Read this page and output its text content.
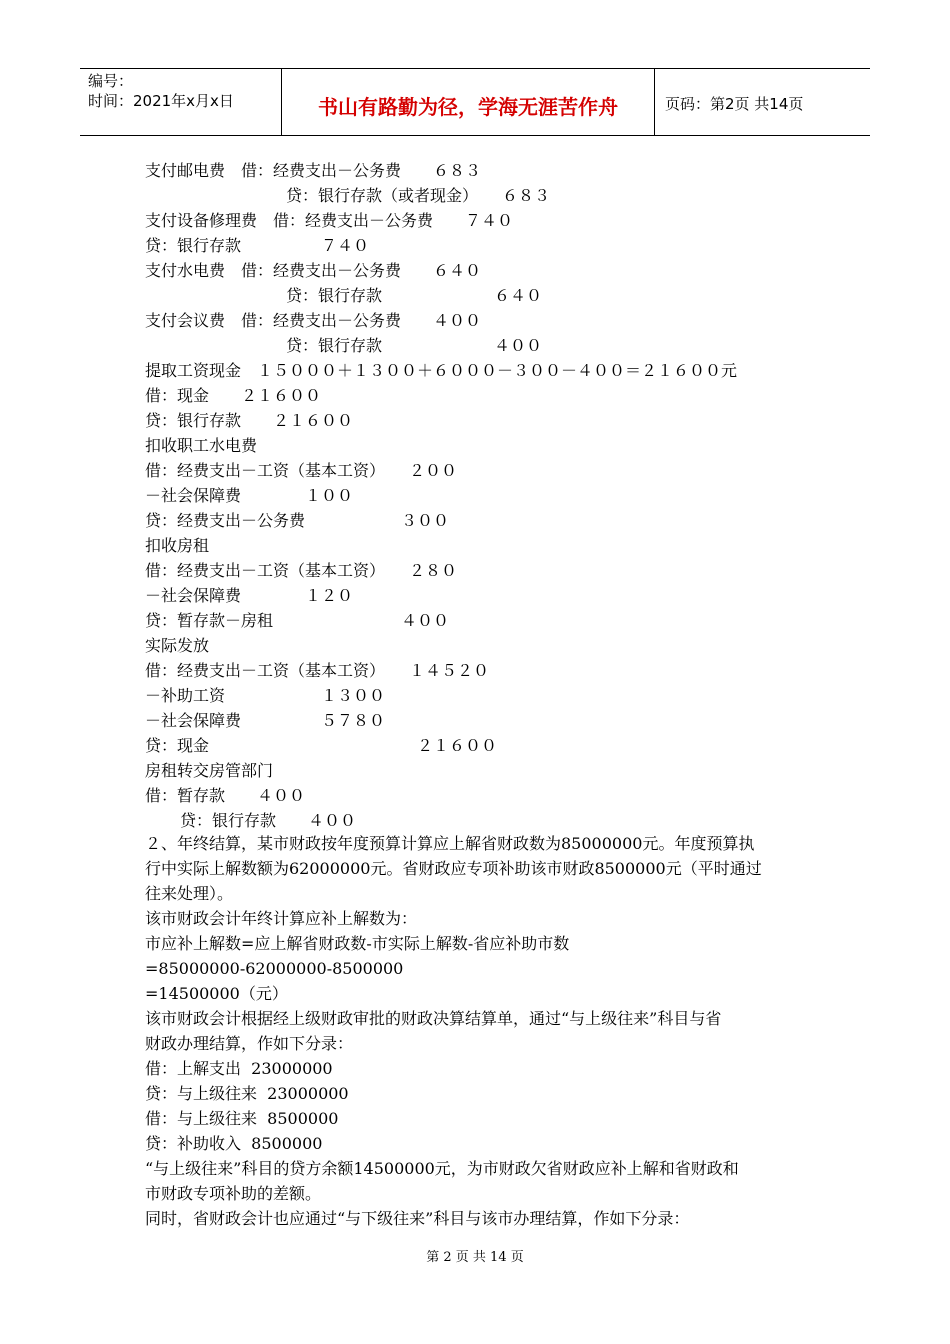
编号：
时间：2021年x月x日	书山有路勤为径，学海无涯苦作舟	页码：第2页 共14页
支付邮电费　借：经费支出－公务费　　６８３
贷：银行存款（或者现金）　　６８３
支付设备修理费　借：经费支出－公务费　　７４０
贷：银行存款　　　　　７４０
支付水电费　借：经费支出－公务费　　６４０
贷：银行存款　　　　　　　６４０
支付会议费　借：经费支出－公务费　　４００
贷：银行存款　　　　　　　４００
提取工资现金　１５０００＋１３００＋６０００－３００－４００＝２１６００元
借：现金　　２１６００
贷：银行存款　　２１６００
扣收职工水电费
借：经费支出－工资（基本工资）　　２００
－社会保障费　　　　１００
贷：经费支出－公务费　　　　　　３００
扣收房租
借：经费支出－工资（基本工资）　　２８０
－社会保障费　　　　１２０
贷：暂存款－房租　　　　　　　　４００
实际发放
借：经费支出－工资（基本工资）　　１４５２０
－补助工资　　　　　　１３００
－社会保障费　　　　　５７８０
贷：现金　　　　　　　　　　　　　２１６００
房租转交房管部门
借：暂存款　　４００
贷：银行存款　　４００
２、年终结算，某市财政按年度预算计算应上解省财政数为85000000元。年度预算执
行中实际上解数额为62000000元。省财政应专项补助该市财政8500000元（平时通过
往来处理）。
该市财政会计年终计算应补上解数为：
市应补上解数=应上解省财政数-市实际上解数-省应补助市数
=85000000-62000000-8500000
=14500000（元）
该市财政会计根据经上级财政审批的财政决算结算单，通过“与上级往来”科目与省
财政办理结算，作如下分录：
借：上解支出  23000000
贷：与上级往来  23000000
借：与上级往来  8500000
贷：补助收入  8500000
“与上级往来”科目的贷方余额14500000元，为市财政欠省财政应补上解和省财政和
市财政专项补助的差额。
同时，省财政会计也应通过“与下级往来”科目与该市办理结算，作如下分录：
第 2 页 共 14 页
